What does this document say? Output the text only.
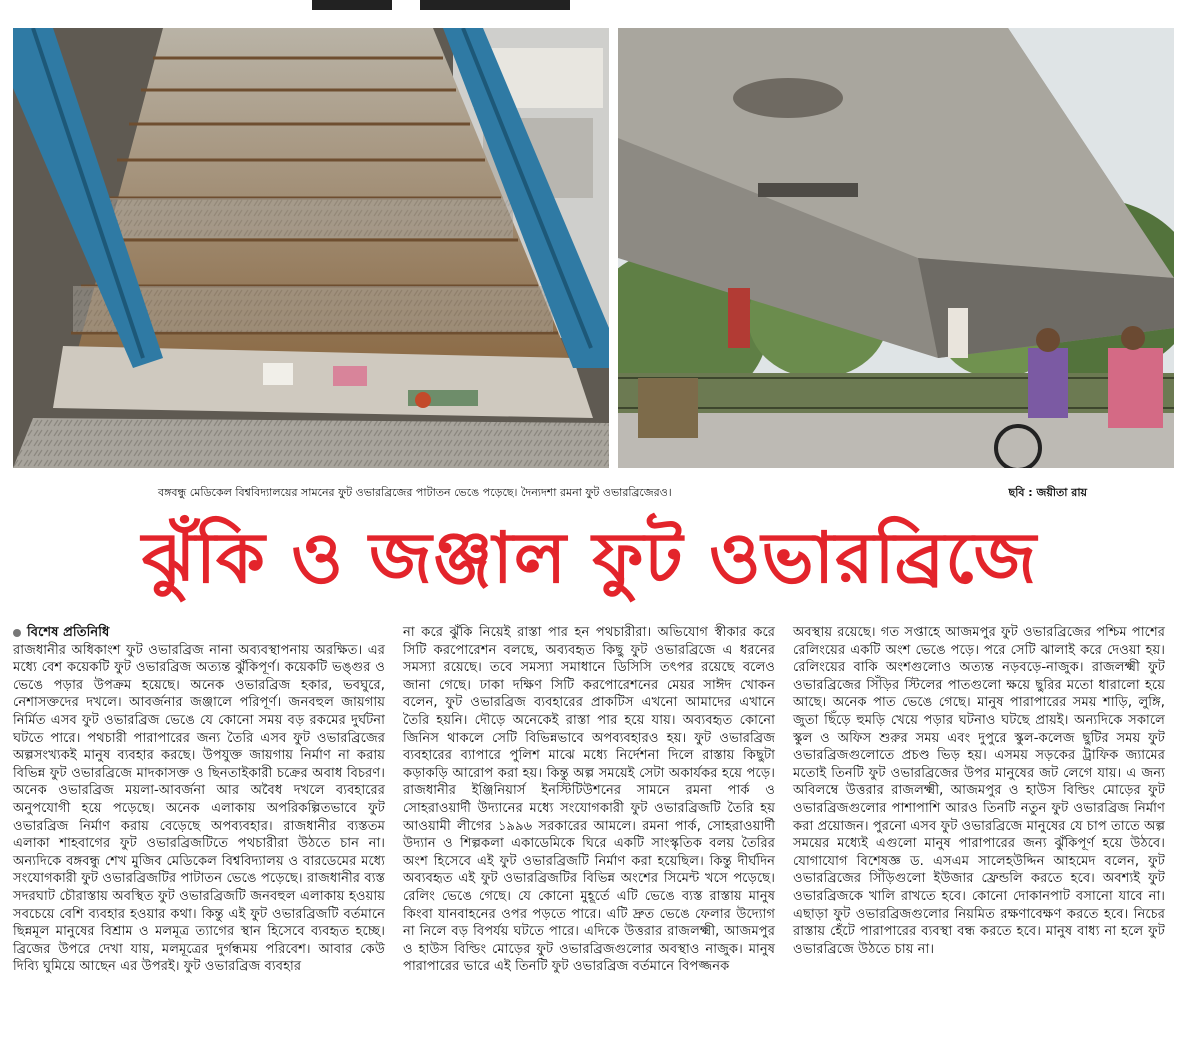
বঙ্গবন্ধু মেডিকেল বিশ্ববিদ্যালয়ের সামনের ফুট ওভারব্রিজের পাটাতন ভেঙে পড়েছে। দৈন্যদশা রমনা ফুট ওভারব্রিজেরও।	ছবি : জয়ীতা রায়
ঝুঁকি ও জঞ্জাল ফুট ওভারব্রিজে
বিশেষ প্রতিনিধি

রাজধানীর অধিকাংশ ফুট ওভারব্রিজ নানা অব্যবস্থাপনায় অরক্ষিত। এর মধ্যে বেশ কয়েকটি ফুট ওভারব্রিজ অত্যন্ত ঝুঁকিপূর্ণ। কয়েকটি ভঙ্গুর ও ভেঙে পড়ার উপক্রম হয়েছে। অনেক ওভারব্রিজ হকার, ভবঘুরে, নেশাসক্তদের দখলে। আবর্জনার জঞ্জালে পরিপূর্ণ। জনবহুল জায়গায় নির্মিত এসব ফুট ওভারব্রিজ ভেঙে যে কোনো সময় বড় রকমের দুর্ঘটনা ঘটতে পারে। পথচারী পারাপারের জন্য তৈরি এসব ফুট ওভারব্রিজের অল্পসংখ্যকই মানুষ ব্যবহার করছে। উপযুক্ত জায়গায় নির্মাণ না করায় বিভিন্ন ফুট ওভারব্রিজে মাদকাসক্ত ও ছিনতাইকারী চক্রের অবাধ বিচরণ। অনেক ওভারব্রিজ ময়লা-আবর্জনা আর অবৈধ দখলে ব্যবহারের অনুপযোগী হয়ে পড়েছে। অনেক এলাকায় অপরিকল্পিতভাবে ফুট ওভারব্রিজ নির্মাণ করায় বেড়েছে অপব্যবহার। রাজধানীর ব্যস্ততম এলাকা শাহবাগের ফুট ওভারব্রিজটিতে পথচারীরা উঠতে চান না। অন্যদিকে বঙ্গবন্ধু শেখ মুজিব মেডিকেল বিশ্ববিদ্যালয় ও বারডেমের মধ্যে সংযোগকারী ফুট ওভারব্রিজটির পাটাতন ভেঙে পড়েছে। রাজধানীর ব্যস্ত সদরঘাট চৌরাস্তায় অবস্থিত ফুট ওভারব্রিজটি জনবহুল এলাকায় হওয়ায় সবচেয়ে বেশি ব্যবহার হওয়ার কথা। কিন্তু এই ফুট ওভারব্রিজটি বর্তমানে ছিন্নমূল মানুষের বিশ্রাম ও মলমূত্র ত্যাগের স্থান হিসেবে ব্যবহৃত হচ্ছে। ব্রিজের উপরে দেখা যায়, মলমূত্রের দুর্গন্ধময় পরিবেশ। আবার কেউ দিব্যি ঘুমিয়ে আছেন এর উপরই। ফুট ওভারব্রিজ ব্যবহার

না করে ঝুঁকি নিয়েই রাস্তা পার হন পথচারীরা। অভিযোগ স্বীকার করে সিটি করপোরেশন বলছে, অব্যবহৃত কিছু ফুট ওভারব্রিজে এ ধরনের সমস্যা রয়েছে। তবে সমস্যা সমাধানে ডিসিসি তৎপর রয়েছে বলেও জানা গেছে। ঢাকা দক্ষিণ সিটি করপোরেশনের মেয়র সাঈদ খোকন বলেন, ফুট ওভারব্রিজ ব্যবহারের প্রাকটিস এখনো আমাদের এখানে তৈরি হয়নি। দৌড়ে অনেকেই রাস্তা পার হয়ে যায়। অব্যবহৃত কোনো জিনিস থাকলে সেটি বিভিন্নভাবে অপব্যবহারও হয়। ফুট ওভারব্রিজ ব্যবহারের ব্যাপারে পুলিশ মাঝে মধ্যে নির্দেশনা দিলে রাস্তায় কিছুটা কড়াকড়ি আরোপ করা হয়। কিন্তু অল্প সময়েই সেটা অকার্যকর হয়ে পড়ে। রাজধানীর ইঞ্জিনিয়ার্স ইনস্টিটিউশনের সামনে রমনা পার্ক ও সোহরাওয়ার্দী উদ্যানের মধ্যে সংযোগকারী ফুট ওভারব্রিজটি তৈরি হয় আওয়ামী লীগের ১৯৯৬ সরকারের আমলে। রমনা পার্ক, সোহরাওয়ার্দী উদ্যান ও শিল্পকলা একাডেমিকে ঘিরে একটি সাংস্কৃতিক বলয় তৈরির অংশ হিসেবে এই ফুট ওভারব্রিজটি নির্মাণ করা হয়েছিল। কিন্তু দীর্ঘদিন অব্যবহৃত এই ফুট ওভারব্রিজটির বিভিন্ন অংশের সিমেন্ট খসে পড়েছে। রেলিং ভেঙে গেছে। যে কোনো মুহূর্তে এটি ভেঙে ব্যস্ত রাস্তায় মানুষ কিংবা যানবাহনের ওপর পড়তে পারে। এটি দ্রুত ভেঙে ফেলার উদ্যোগ না নিলে বড় বিপর্যয় ঘটতে পারে। এদিকে উত্তরার রাজলক্ষ্মী, আজমপুর ও হাউস বিল্ডিং মোড়ের ফুট ওভারব্রিজগুলোর অবস্থাও নাজুক। মানুষ পারাপারের ভারে এই তিনটি ফুট ওভারব্রিজ বর্তমানে বিপজ্জনক

অবস্থায় রয়েছে। গত সপ্তাহে আজমপুর ফুট ওভারব্রিজের পশ্চিম পাশের রেলিংয়ের একটি অংশ ভেঙে পড়ে। পরে সেটি ঝালাই করে দেওয়া হয়। রেলিংয়ের বাকি অংশগুলোও অত্যন্ত নড়বড়ে-নাজুক। রাজলক্ষ্মী ফুট ওভারব্রিজের সিঁড়ির স্টিলের পাতগুলো ক্ষয়ে ছুরির মতো ধারালো হয়ে আছে। অনেক পাত ভেঙে গেছে। মানুষ পারাপারের সময় শাড়ি, লুঙ্গি, জুতা ছিঁড়ে হুমড়ি খেয়ে পড়ার ঘটনাও ঘটছে প্রায়ই। অন্যদিকে সকালে স্কুল ও অফিস শুরুর সময় এবং দুপুরে স্কুল-কলেজ ছুটির সময় ফুট ওভারব্রিজগুলোতে প্রচণ্ড ভিড় হয়। এসময় সড়কের ট্রাফিক জ্যামের মতোই তিনটি ফুট ওভারব্রিজের উপর মানুষের জট লেগে যায়। এ জন্য অবিলম্বে উত্তরার রাজলক্ষ্মী, আজমপুর ও হাউস বিল্ডিং মোড়ের ফুট ওভারব্রিজগুলোর পাশাপাশি আরও তিনটি নতুন ফুট ওভারব্রিজ নির্মাণ করা প্রয়োজন। পুরনো এসব ফুট ওভারব্রিজে মানুষের যে চাপ তাতে অল্প সময়ের মধ্যেই এগুলো মানুষ পারাপারের জন্য ঝুঁকিপূর্ণ হয়ে উঠবে। যোগাযোগ বিশেষজ্ঞ ড. এসএম সালেহউদ্দিন আহমেদ বলেন, ফুট ওভারব্রিজের সিঁড়িগুলো ইউজার ফ্রেন্ডলি করতে হবে। অবশ্যই ফুট ওভারব্রিজকে খালি রাখতে হবে। কোনো দোকানপাট বসানো যাবে না। এছাড়া ফুট ওভারব্রিজগুলোর নিয়মিত রক্ষণাবেক্ষণ করতে হবে। নিচের রাস্তায় হেঁটে পারাপারের ব্যবস্থা বন্ধ করতে হবে। মানুষ বাধ্য না হলে ফুট ওভারব্রিজে উঠতে চায় না।
